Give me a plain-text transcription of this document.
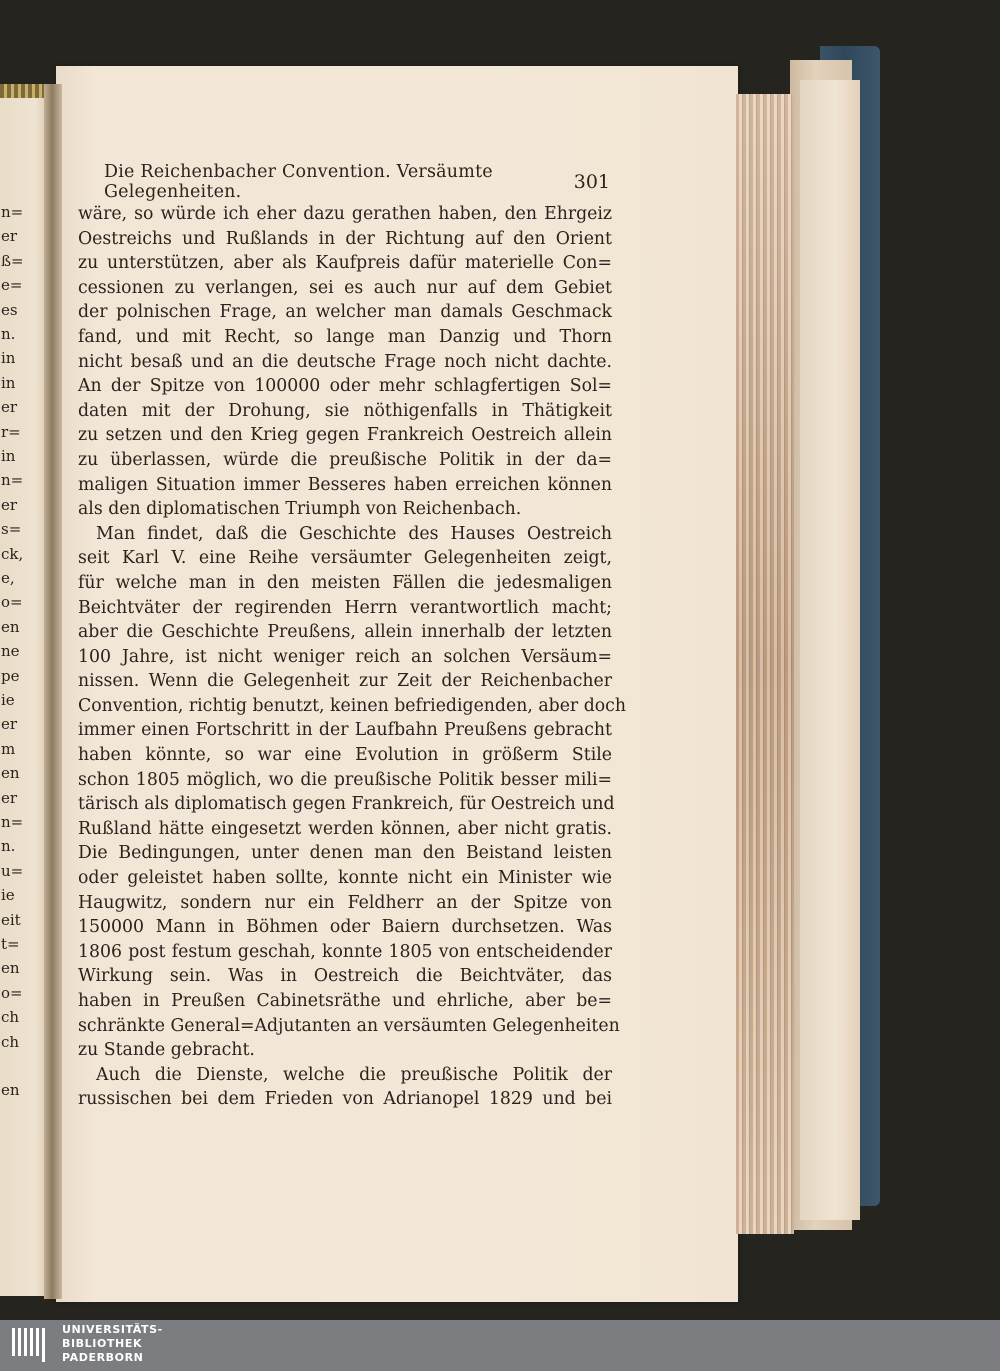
n=
er
ß=
e=
es
n.
in
in
er
r=
in
n=
er
s=
ck,
e,
o=
en
ne
pe
ie
er
m
en
er
n=
n.
u=
ie
eit
t=
en
o=
ch
ch
en
Die Reichenbacher Convention. Versäumte Gelegenheiten.	301
wäre, so würde ich eher dazu gerathen haben, den Ehrgeiz
Oestreichs und Rußlands in der Richtung auf den Orient
zu unterstützen, aber als Kaufpreis dafür materielle Con=
cessionen zu verlangen, sei es auch nur auf dem Gebiet
der polnischen Frage, an welcher man damals Geschmack
fand, und mit Recht, so lange man Danzig und Thorn
nicht besaß und an die deutsche Frage noch nicht dachte.
An der Spitze von 100000 oder mehr schlagfertigen Sol=
daten mit der Drohung, sie nöthigenfalls in Thätigkeit
zu setzen und den Krieg gegen Frankreich Oestreich allein
zu überlassen, würde die preußische Politik in der da=
maligen Situation immer Besseres haben erreichen können
als den diplomatischen Triumph von Reichenbach.
Man findet, daß die Geschichte des Hauses Oestreich
seit Karl V. eine Reihe versäumter Gelegenheiten zeigt,
für welche man in den meisten Fällen die jedesmaligen
Beichtväter der regirenden Herrn verantwortlich macht;
aber die Geschichte Preußens, allein innerhalb der letzten
100 Jahre, ist nicht weniger reich an solchen Versäum=
nissen. Wenn die Gelegenheit zur Zeit der Reichenbacher
Convention, richtig benutzt, keinen befriedigenden, aber doch
immer einen Fortschritt in der Laufbahn Preußens gebracht
haben könnte, so war eine Evolution in größerm Stile
schon 1805 möglich, wo die preußische Politik besser mili=
tärisch als diplomatisch gegen Frankreich, für Oestreich und
Rußland hätte eingesetzt werden können, aber nicht gratis.
Die Bedingungen, unter denen man den Beistand leisten
oder geleistet haben sollte, konnte nicht ein Minister wie
Haugwitz, sondern nur ein Feldherr an der Spitze von
150000 Mann in Böhmen oder Baiern durchsetzen. Was
1806 post festum geschah, konnte 1805 von entscheidender
Wirkung sein. Was in Oestreich die Beichtväter, das
haben in Preußen Cabinetsräthe und ehrliche, aber be=
schränkte General=Adjutanten an versäumten Gelegenheiten
zu Stande gebracht.
Auch die Dienste, welche die preußische Politik der
russischen bei dem Frieden von Adrianopel 1829 und bei
UNIVERSITÄTS-
BIBLIOTHEK
PADERBORN
